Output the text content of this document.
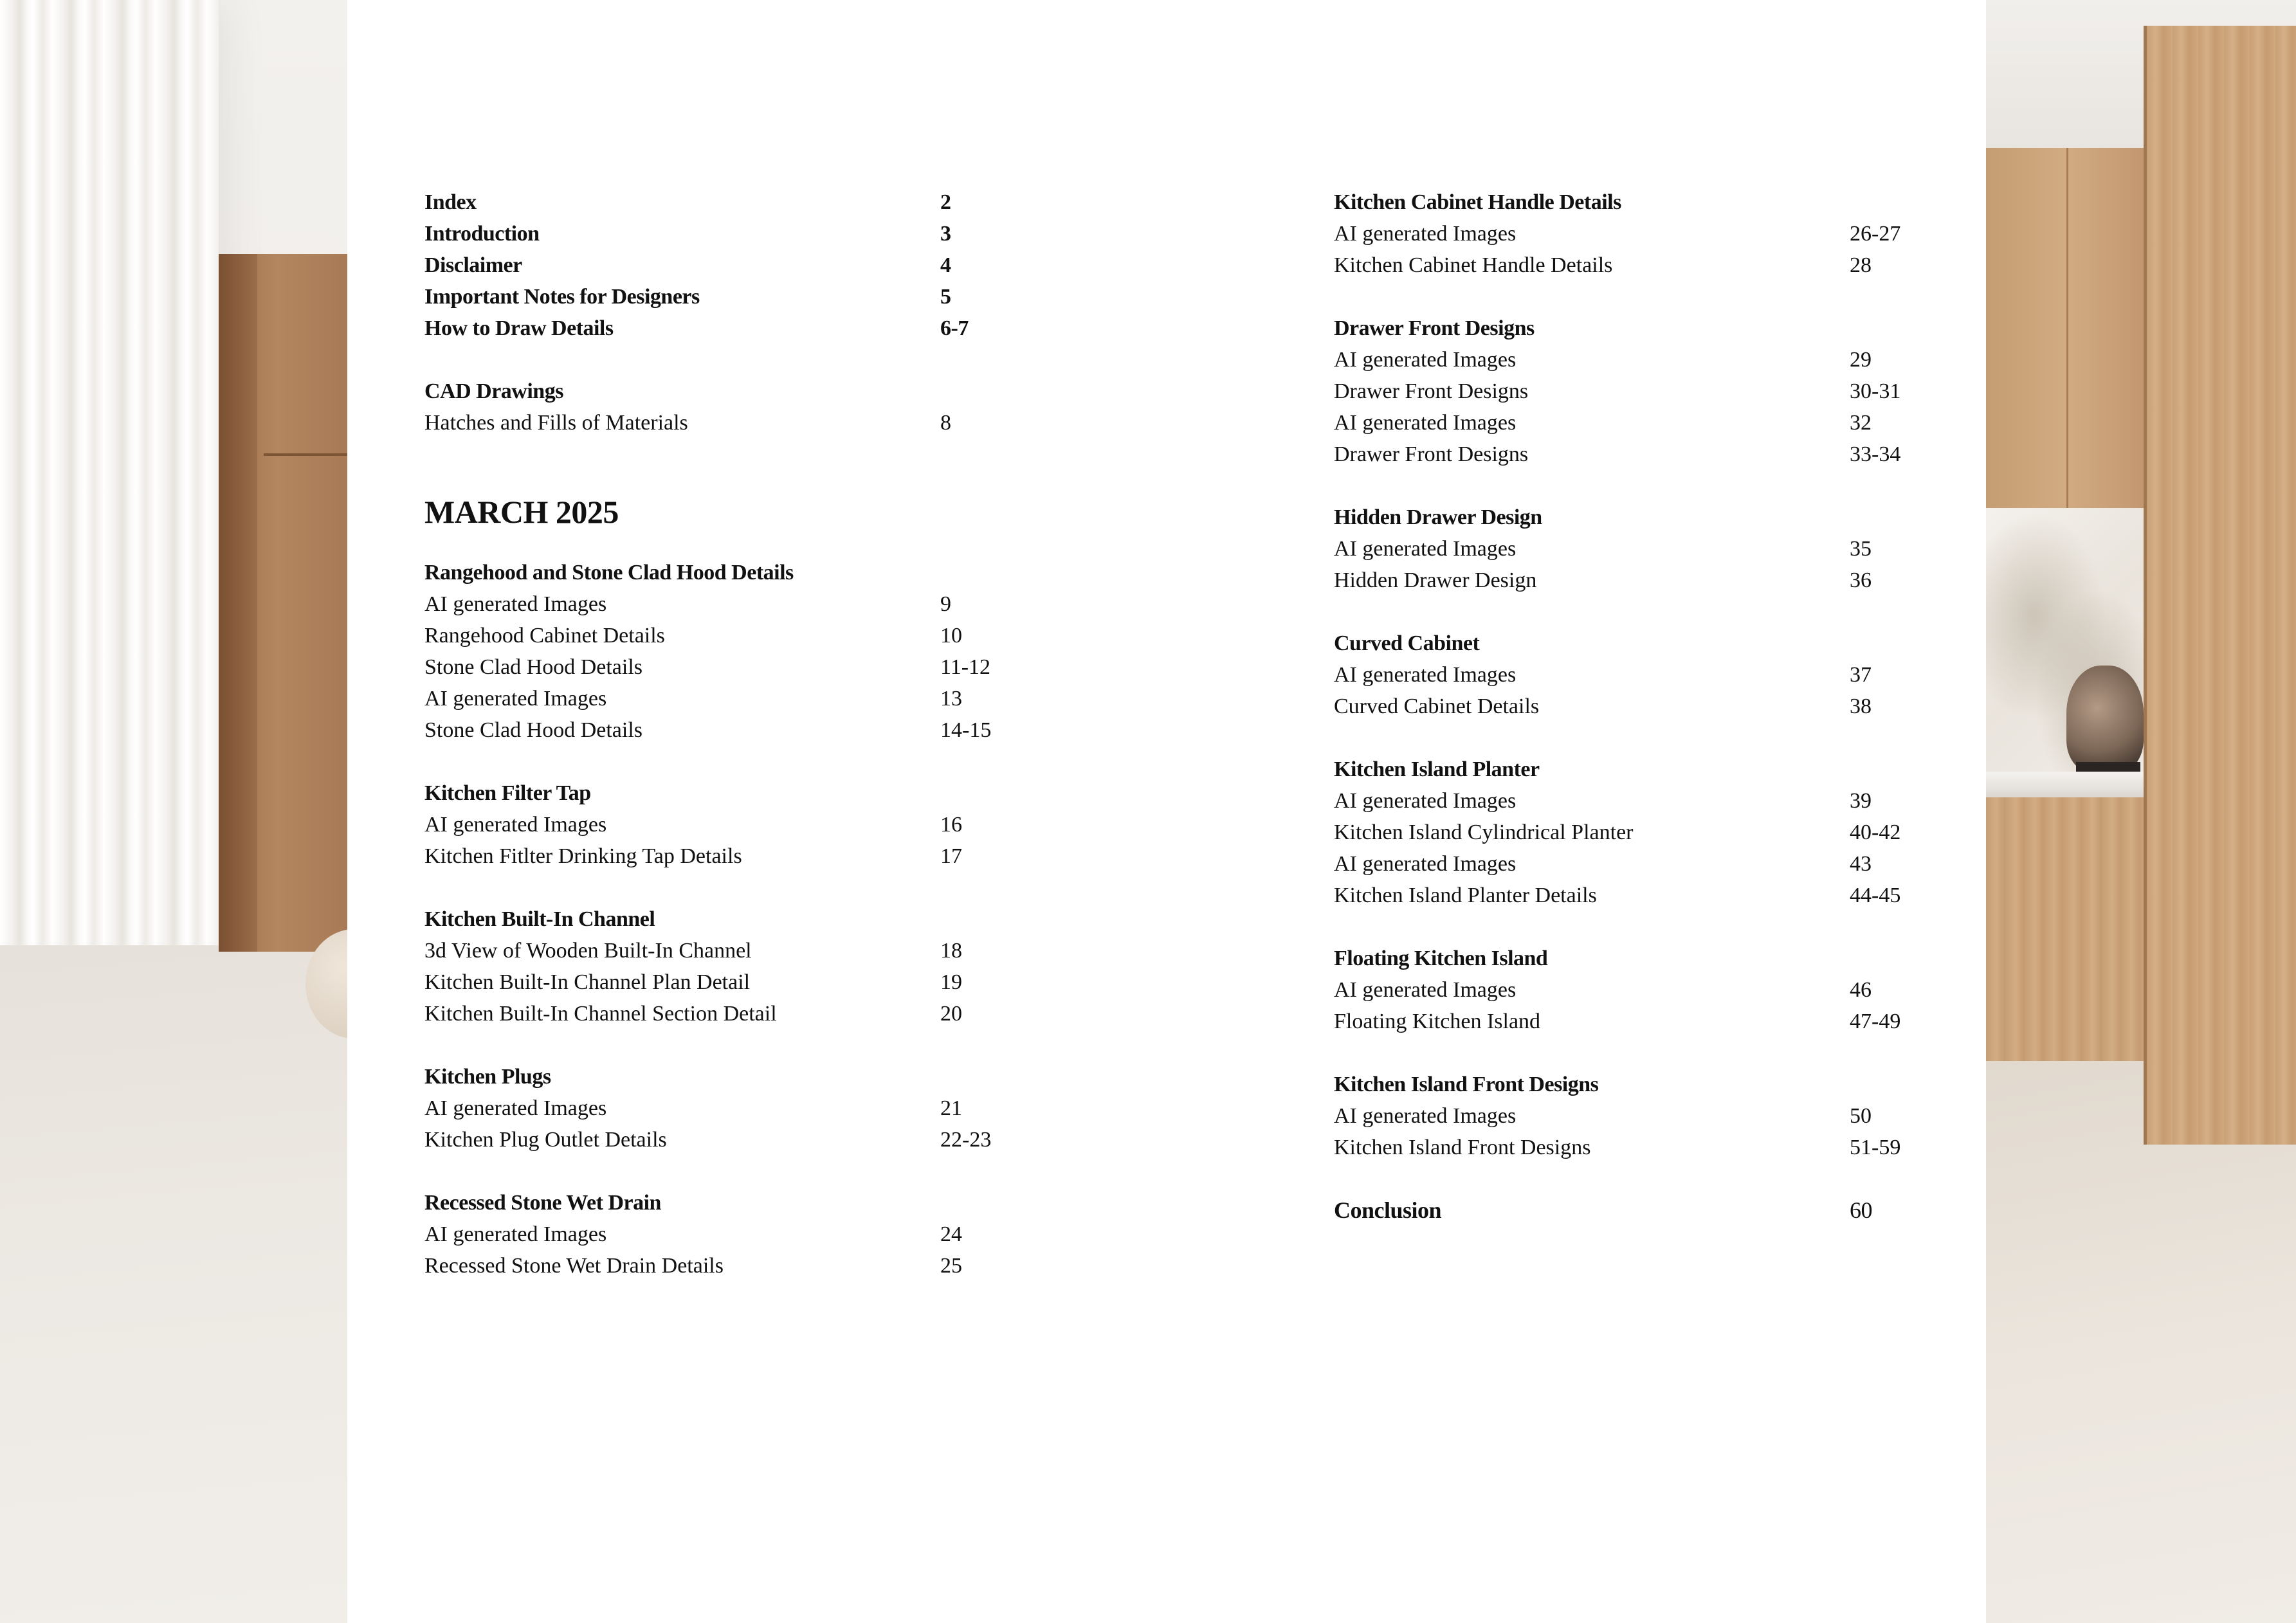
Index	2
Introduction	3
Disclaimer	4
Important Notes for Designers	5
How to Draw Details	6-7
CAD Drawings
Hatches and Fills of Materials	8
MARCH 2025
Rangehood and Stone Clad Hood Details
AI generated Images	9
Rangehood Cabinet Details	10
Stone Clad Hood Details	11-12
AI generated Images	13
Stone Clad Hood Details	14-15
Kitchen Filter Tap
AI generated Images	16
Kitchen Fitlter Drinking Tap Details	17
Kitchen Built-In Channel
3d View of Wooden Built-In Channel	18
Kitchen Built-In Channel Plan Detail	19
Kitchen Built-In Channel Section Detail	20
Kitchen Plugs
AI generated Images	21
Kitchen Plug Outlet Details	22-23
Recessed Stone Wet Drain
AI generated Images	24
Recessed Stone Wet Drain Details	25
Kitchen Cabinet Handle Details
AI generated Images	26-27
Kitchen Cabinet Handle Details	28
Drawer Front Designs
AI generated Images	29
Drawer Front Designs	30-31
AI generated Images	32
Drawer Front Designs	33-34
Hidden Drawer Design
AI generated Images	35
Hidden Drawer Design	36
Curved Cabinet
AI generated Images	37
Curved Cabinet Details	38
Kitchen Island Planter
AI generated Images	39
Kitchen Island Cylindrical Planter	40-42
AI generated Images	43
Kitchen Island Planter Details	44-45
Floating Kitchen Island
AI generated Images	46
Floating Kitchen Island	47-49
Kitchen Island Front Designs
AI generated Images	50
Kitchen Island Front Designs	51-59
Conclusion	60
